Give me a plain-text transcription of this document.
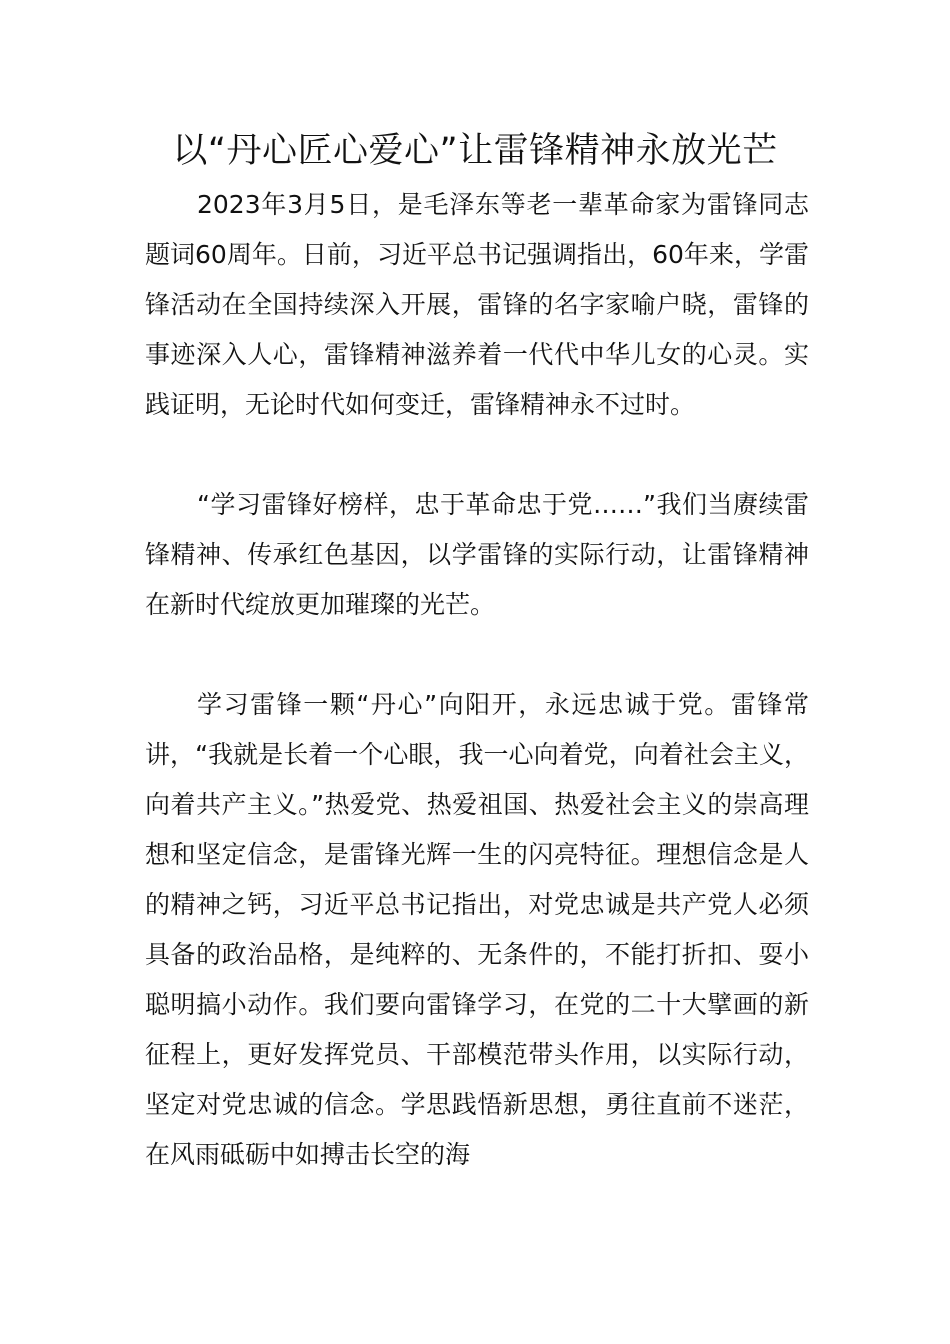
以“丹心匠心爱心”让雷锋精神永放光芒

2023年3月5日，是毛泽东等老一辈革命家为雷锋同志题词60周年。日前，习近平总书记强调指出，60年来，学雷锋活动在全国持续深入开展，雷锋的名字家喻户晓，雷锋的事迹深入人心，雷锋精神滋养着一代代中华儿女的心灵。实践证明，无论时代如何变迁，雷锋精神永不过时。

“学习雷锋好榜样，忠于革命忠于党……”我们当赓续雷锋精神、传承红色基因，以学雷锋的实际行动，让雷锋精神在新时代绽放更加璀璨的光芒。

学习雷锋一颗“丹心”向阳开，永远忠诚于党。雷锋常讲，“我就是长着一个心眼，我一心向着党，向着社会主义，向着共产主义。”热爱党、热爱祖国、热爱社会主义的崇高理想和坚定信念，是雷锋光辉一生的闪亮特征。理想信念是人的精神之钙，习近平总书记指出，对党忠诚是共产党人必须具备的政治品格，是纯粹的、无条件的，不能打折扣、耍小聪明搞小动作。我们要向雷锋学习，在党的二十大擘画的新征程上，更好发挥党员、干部模范带头作用，以实际行动，坚定对党忠诚的信念。学思践悟新思想，勇往直前不迷茫，在风雨砥砺中如搏击长空的海
